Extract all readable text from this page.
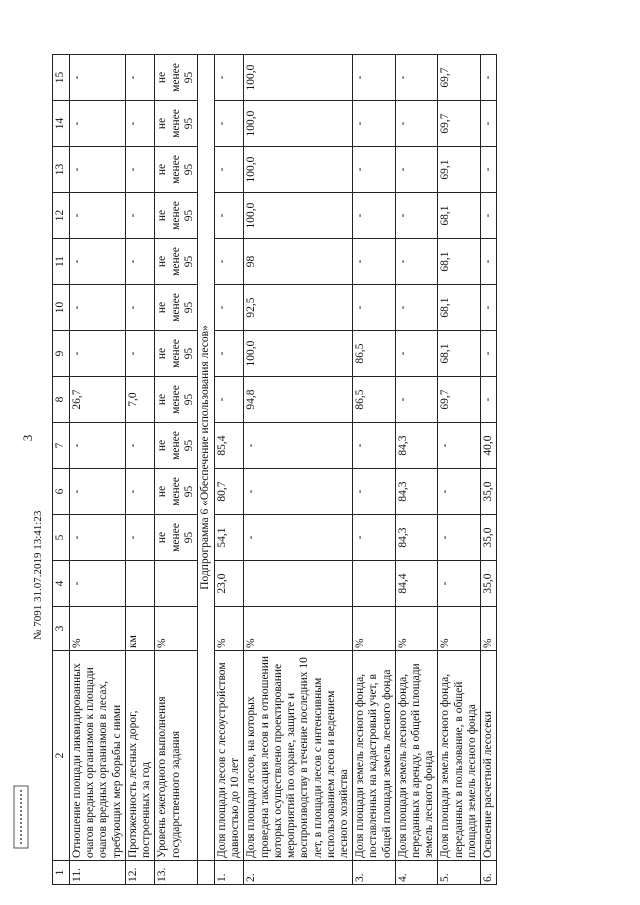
3
1	2	3	4	5	6	7	8	9	10	11	12	13	14	15
11.	Отношение площади ликвидированных очагов вредных организмов к площади очагов вредных организмов в лесах, требующих мер борьбы с ними	%	-	-	-	-	26,7	-	-	-	-	-	-	-
12.	Протяженность лесных дорог, построенных за год	км		-	-	-	7,0	-	-	-	-	-	-	-
13.	Уровень ежегодного выполнения государственного задания	%		не менее 95	не менее 95	не менее 95	не менее 95	не менее 95	не менее 95	не менее 95	не менее 95	не менее 95	не менее 95	не менее 95
	Подпрограмма 6 «Обеспечение использования лесов»													
1.	Доля площади лесов с лесоустройством давностью до 10 лет	%	23,0	54,1	80,7	85,4	-	-	-	-	-	-	-	-
2.	Доля площади лесов, на которых проведена таксация лесов и в отношении которых осуществлено проектирование мероприятий по охране, защите и воспроизводству в течение последних 10 лет, в площади лесов с интенсивным использованием лесов и ведением лесного хозяйства	%		-	-	-	94,8	100,0	92,5	98	100,0	100,0	100,0	100,0
3.	Доля площади земель лесного фонда, поставленных на кадастровый учет, в общей площади земель лесного фонда	%		-	-	-	86,5	86,5	-	-	-	-	-	-
4.	Доля площади земель лесного фонда, переданных в аренду, в общей площади земель лесного фонда	%	84,4	84,3	84,3	84,3	-	-	-	-	-	-	-	-
5.	Доля площади земель лесного фонда, переданных в пользование, в общей площади земель лесного фонда	%	-	-	-	-	69,7	68,1	68,1	68,1	68,1	69,1	69,7	69,7
6.	Освоение расчетной лесосеки	%	35,0	35,0	35,0	40,0	-	-	-	-	-	-	-	-
№ 7091 31.07.2019 13:41:23
